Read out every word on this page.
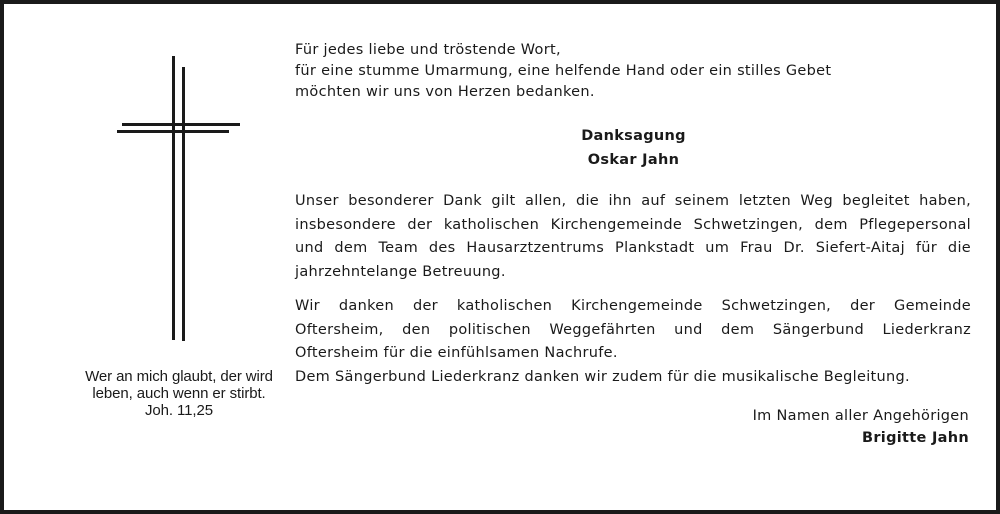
Wer an mich glaubt, der wird
leben, auch wenn er stirbt.
Joh. 11,25
Für jedes liebe und tröstende Wort,
für eine stumme Umarmung, eine helfende Hand oder ein stilles Gebet
möchten wir uns von Herzen bedanken.
Danksagung
Oskar Jahn
Unser besonderer Dank gilt allen, die ihn auf seinem letzten Weg begleitet haben,
insbesondere der katholischen Kirchengemeinde Schwetzingen, dem Pflegepersonal
und dem Team des Hausarztzentrums Plankstadt um Frau Dr. Siefert-Aitaj für die
jahrzehntelange Betreuung.
Wir danken der katholischen Kirchengemeinde Schwetzingen, der Gemeinde
Oftersheim, den politischen Weggefährten und dem Sängerbund Liederkranz
Oftersheim für die einfühlsamen Nachrufe.
Dem Sängerbund Liederkranz danken wir zudem für die musikalische Begleitung.
Im Namen aller Angehörigen
Brigitte Jahn
